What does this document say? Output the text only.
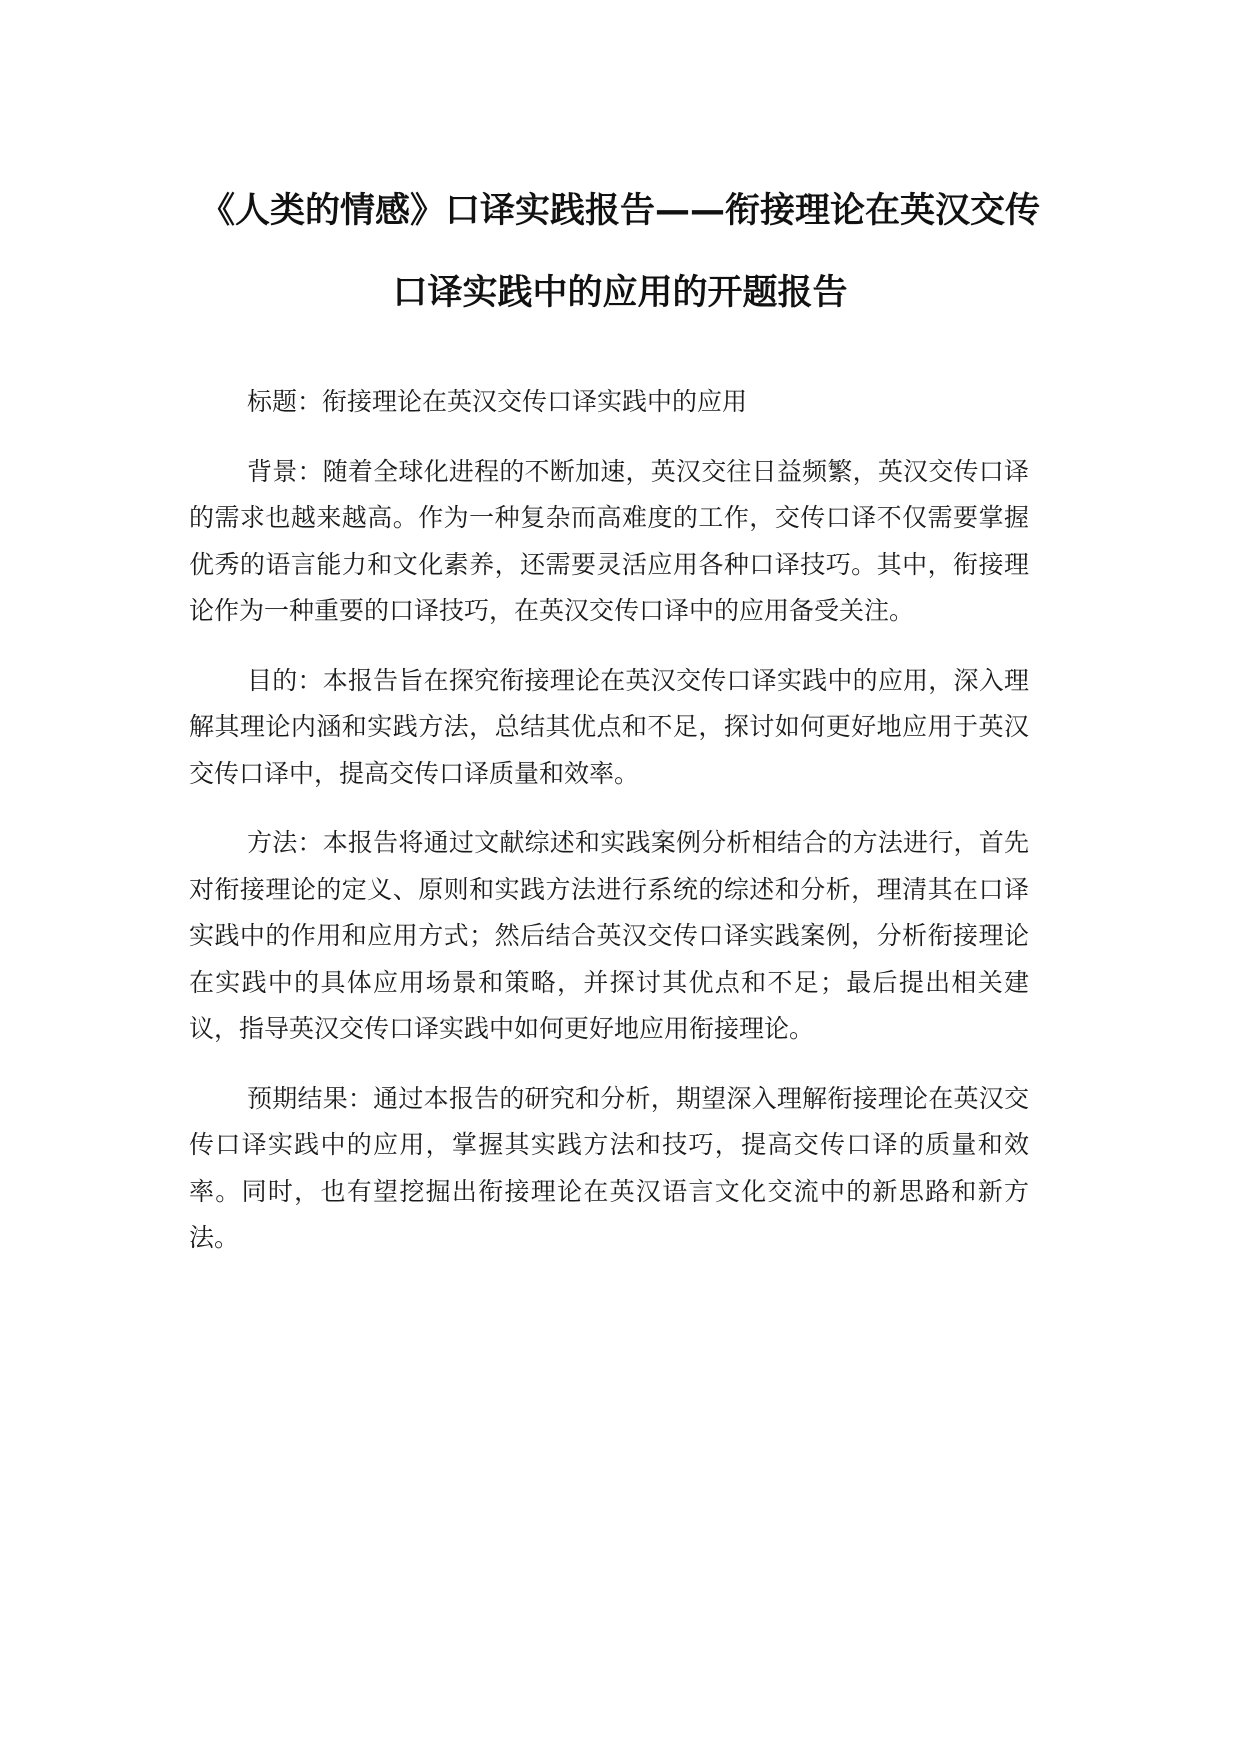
《人类的情感》口译实践报告——衔接理论在英汉交传口译实践中的应用的开题报告

标题：衔接理论在英汉交传口译实践中的应用

背景：随着全球化进程的不断加速，英汉交往日益频繁，英汉交传口译的需求也越来越高。作为一种复杂而高难度的工作，交传口译不仅需要掌握优秀的语言能力和文化素养，还需要灵活应用各种口译技巧。其中，衔接理论作为一种重要的口译技巧，在英汉交传口译中的应用备受关注。

目的：本报告旨在探究衔接理论在英汉交传口译实践中的应用，深入理解其理论内涵和实践方法，总结其优点和不足，探讨如何更好地应用于英汉交传口译中，提高交传口译质量和效率。

方法：本报告将通过文献综述和实践案例分析相结合的方法进行，首先对衔接理论的定义、原则和实践方法进行系统的综述和分析，理清其在口译实践中的作用和应用方式；然后结合英汉交传口译实践案例，分析衔接理论在实践中的具体应用场景和策略，并探讨其优点和不足；最后提出相关建议，指导英汉交传口译实践中如何更好地应用衔接理论。

预期结果：通过本报告的研究和分析，期望深入理解衔接理论在英汉交传口译实践中的应用，掌握其实践方法和技巧，提高交传口译的质量和效率。同时，也有望挖掘出衔接理论在英汉语言文化交流中的新思路和新方法。
